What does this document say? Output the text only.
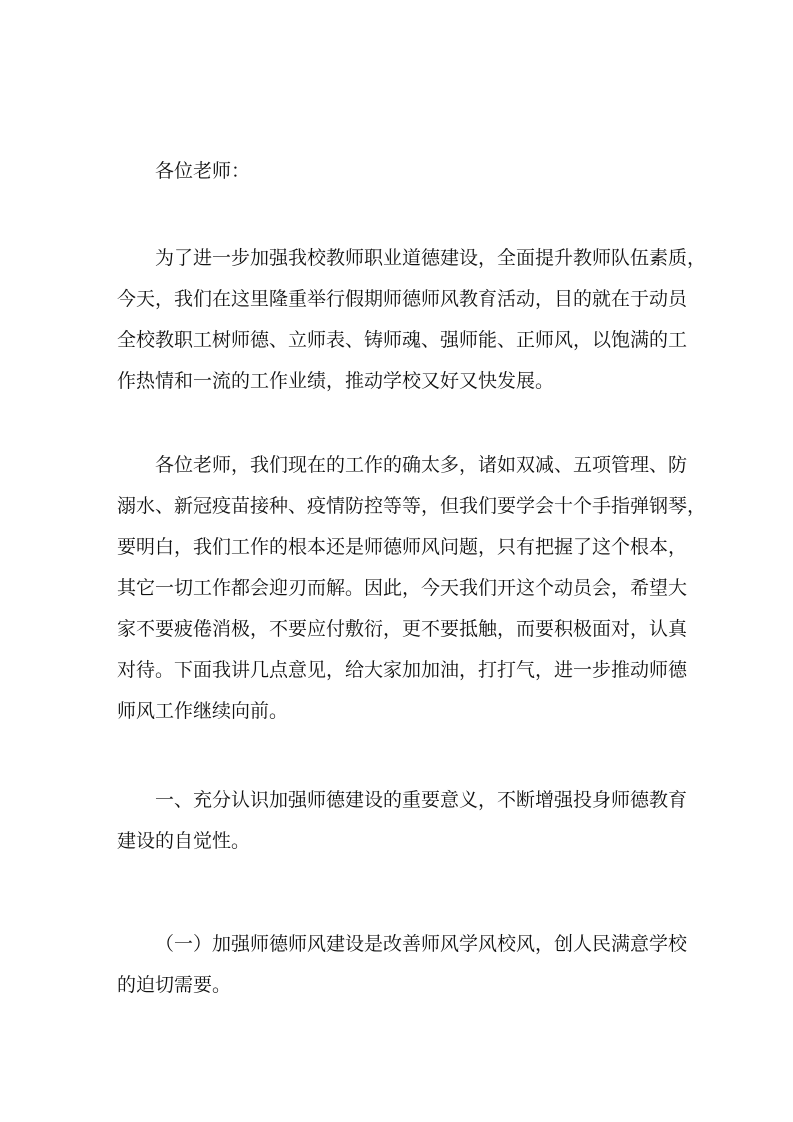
各位老师：
为了进一步加强我校教师职业道德建设，全面提升教师队伍素质，
今天，我们在这里隆重举行假期师德师风教育活动，目的就在于动员
全校教职工树师德、立师表、铸师魂、强师能、正师风，以饱满的工
作热情和一流的工作业绩，推动学校又好又快发展。
各位老师，我们现在的工作的确太多，诸如双减、五项管理、防
溺水、新冠疫苗接种、疫情防控等等，但我们要学会十个手指弹钢琴，
要明白，我们工作的根本还是师德师风问题，只有把握了这个根本，
其它一切工作都会迎刃而解。因此，今天我们开这个动员会，希望大
家不要疲倦消极，不要应付敷衍，更不要抵触，而要积极面对，认真
对待。下面我讲几点意见，给大家加加油，打打气，进一步推动师德
师风工作继续向前。
一、充分认识加强师德建设的重要意义，不断增强投身师德教育
建设的自觉性。
（一）加强师德师风建设是改善师风学风校风，创人民满意学校
的迫切需要。
